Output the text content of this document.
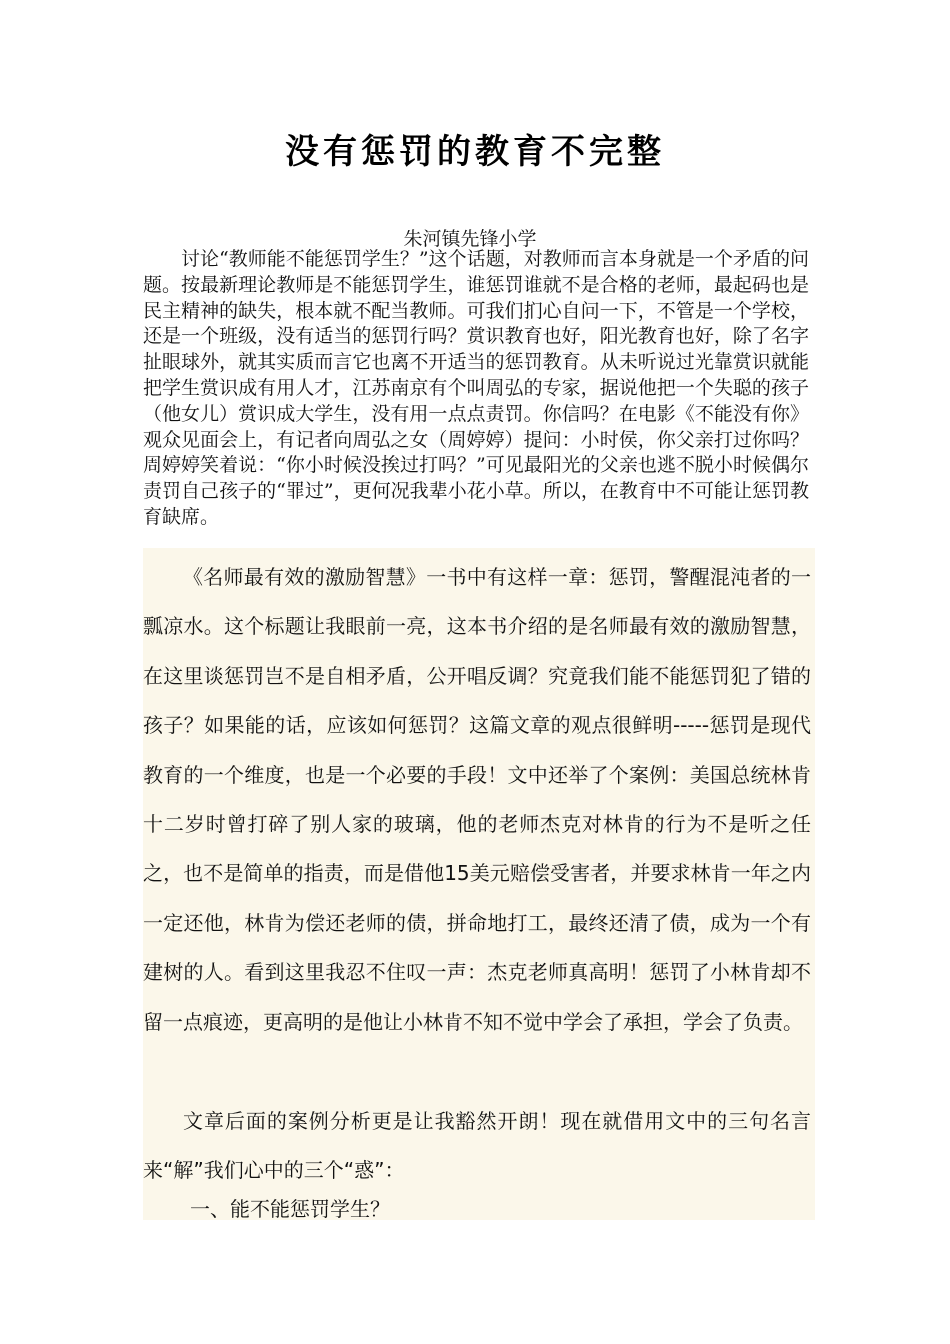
没有惩罚的教育不完整
朱河镇先锋小学

讨论“教师能不能惩罚学生？”这个话题，对教师而言本身就是一个矛盾的问题。按最新理论教师是不能惩罚学生，谁惩罚谁就不是合格的老师，最起码也是民主精神的缺失，根本就不配当教师。可我们扪心自问一下，不管是一个学校，还是一个班级，没有适当的惩罚行吗？赏识教育也好，阳光教育也好，除了名字扯眼球外，就其实质而言它也离不开适当的惩罚教育。从未听说过光靠赏识就能把学生赏识成有用人才，江苏南京有个叫周弘的专家，据说他把一个失聪的孩子（他女儿）赏识成大学生，没有用一点点责罚。你信吗？在电影《不能没有你》观众见面会上，有记者向周弘之女（周婷婷）提问：小时侯，你父亲打过你吗？周婷婷笑着说：“你小时候没挨过打吗？”可见最阳光的父亲也逃不脱小时候偶尔责罚自己孩子的“罪过”，更何况我辈小花小草。所以，在教育中不可能让惩罚教育缺席。

《名师最有效的激励智慧》一书中有这样一章：惩罚，警醒混沌者的一瓢凉水。这个标题让我眼前一亮，这本书介绍的是名师最有效的激励智慧，在这里谈惩罚岂不是自相矛盾，公开唱反调？究竟我们能不能惩罚犯了错的孩子？如果能的话，应该如何惩罚？这篇文章的观点很鲜明-----惩罚是现代教育的一个维度，也是一个必要的手段！文中还举了个案例：美国总统林肯十二岁时曾打碎了别人家的玻璃，他的老师杰克对林肯的行为不是听之任之，也不是简单的指责，而是借他15美元赔偿受害者，并要求林肯一年之内一定还他，林肯为偿还老师的债，拼命地打工，最终还清了债，成为一个有建树的人。看到这里我忍不住叹一声：杰克老师真高明！惩罚了小林肯却不留一点痕迹，更高明的是他让小林肯不知不觉中学会了承担，学会了负责。

文章后面的案例分析更是让我豁然开朗！现在就借用文中的三句名言来“解”我们心中的三个“惑”：

一、能不能惩罚学生？
